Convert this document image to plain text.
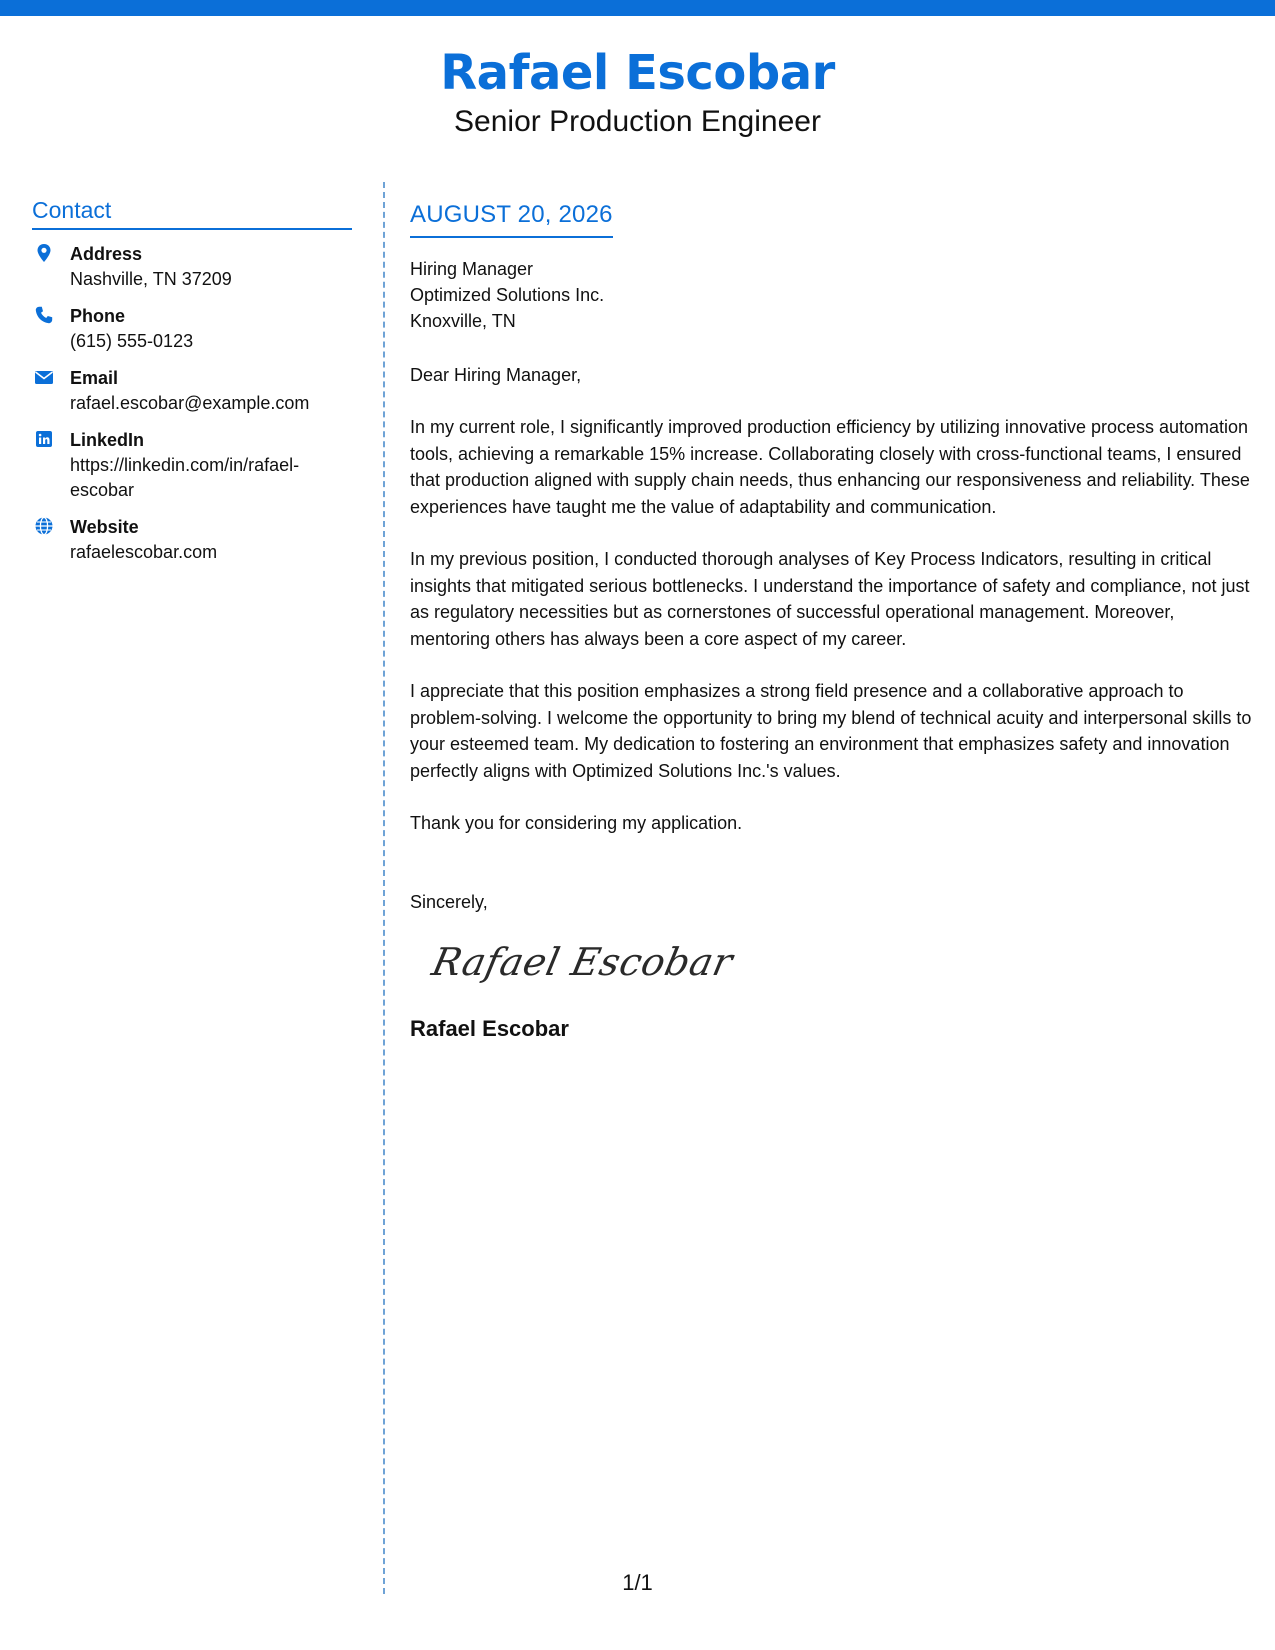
Rafael Escobar
Senior Production Engineer
Contact
Address
Nashville, TN 37209
Phone
(615) 555-0123
Email
rafael.escobar@example.com
LinkedIn
https://linkedin.com/in/rafael-escobar
Website
rafaelescobar.com
AUGUST 20, 2026
Hiring Manager
Optimized Solutions Inc.
Knoxville, TN
Dear Hiring Manager,

In my current role, I significantly improved production efficiency by utilizing innovative process automation tools, achieving a remarkable 15% increase. Collaborating closely with cross-functional teams, I ensured that production aligned with supply chain needs, thus enhancing our responsiveness and reliability. These experiences have taught me the value of adaptability and communication.

In my previous position, I conducted thorough analyses of Key Process Indicators, resulting in critical insights that mitigated serious bottlenecks. I understand the importance of safety and compliance, not just as regulatory necessities but as cornerstones of successful operational management. Moreover, mentoring others has always been a core aspect of my career.

I appreciate that this position emphasizes a strong field presence and a collaborative approach to problem-solving. I welcome the opportunity to bring my blend of technical acuity and interpersonal skills to your esteemed team. My dedication to fostering an environment that emphasizes safety and innovation perfectly aligns with Optimized Solutions Inc.'s values.

Thank you for considering my application.

Sincerely,
Rafael Escobar
Rafael Escobar
1/1
